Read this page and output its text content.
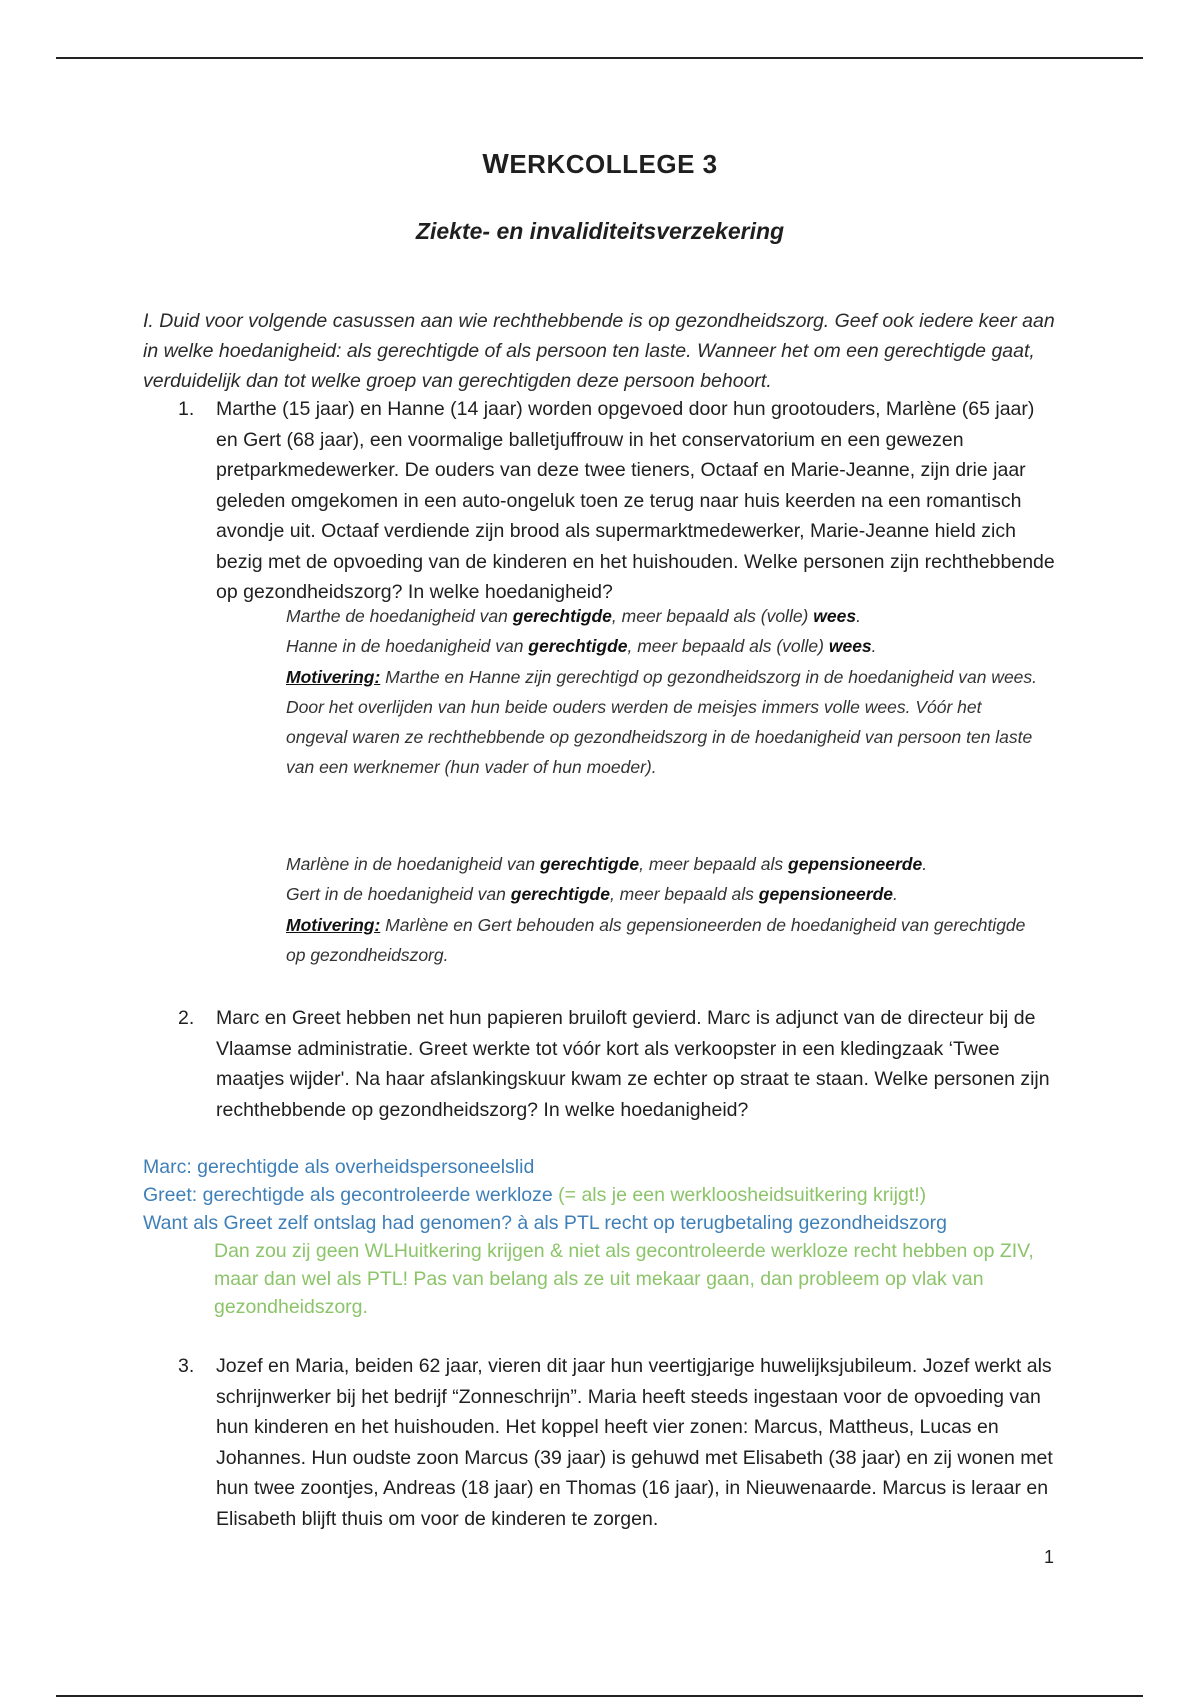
WERKCOLLEGE 3
Ziekte- en invaliditeitsverzekering
I. Duid voor volgende casussen aan wie rechthebbende is op gezondheidszorg. Geef ook iedere keer aan in welke hoedanigheid: als gerechtigde of als persoon ten laste. Wanneer het om een gerechtigde gaat, verduidelijk dan tot welke groep van gerechtigden deze persoon behoort.
1. Marthe (15 jaar) en Hanne (14 jaar) worden opgevoed door hun grootouders, Marlène (65 jaar) en Gert (68 jaar), een voormalige balletjuffrouw in het conservatorium en een gewezen pretparkmedewerker. De ouders van deze twee tieners, Octaaf en Marie-Jeanne, zijn drie jaar geleden omgekomen in een auto-ongeluk toen ze terug naar huis keerden na een romantisch avondje uit. Octaaf verdiende zijn brood als supermarktmedewerker, Marie-Jeanne hield zich bezig met de opvoeding van de kinderen en het huishouden. Welke personen zijn rechthebbende op gezondheidszorg? In welke hoedanigheid?
Marthe de hoedanigheid van gerechtigde, meer bepaald als (volle) wees.
Hanne in de hoedanigheid van gerechtigde, meer bepaald als (volle) wees.
Motivering: Marthe en Hanne zijn gerechtigd op gezondheidszorg in de hoedanigheid van wees. Door het overlijden van hun beide ouders werden de meisjes immers volle wees. Vóór het ongeval waren ze rechthebbende op gezondheidszorg in de hoedanigheid van persoon ten laste van een werknemer (hun vader of hun moeder).
Marlène in de hoedanigheid van gerechtigde, meer bepaald als gepensioneerde.
Gert in de hoedanigheid van gerechtigde, meer bepaald als gepensioneerde.
Motivering: Marlène en Gert behouden als gepensioneerden de hoedanigheid van gerechtigde op gezondheidszorg.
2. Marc en Greet hebben net hun papieren bruiloft gevierd. Marc is adjunct van de directeur bij de Vlaamse administratie. Greet werkte tot vóór kort als verkoopster in een kledingzaak ‘Twee maatjes wijder'. Na haar afslankingskuur kwam ze echter op straat te staan. Welke personen zijn rechthebbende op gezondheidszorg? In welke hoedanigheid?
Marc: gerechtigde als overheidspersoneelslid
Greet: gerechtigde als gecontroleerde werkloze (= als je een werkloosheidsuitkering krijgt!)
Want als Greet zelf ontslag had genomen? à als PTL recht op terugbetaling gezondheidszorg
Dan zou zij geen WLHuitkering krijgen & niet als gecontroleerde werkloze recht hebben op ZIV, maar dan wel als PTL! Pas van belang als ze uit mekaar gaan, dan probleem op vlak van gezondheidszorg.
3. Jozef en Maria, beiden 62 jaar, vieren dit jaar hun veertigjarige huwelijksjubileum. Jozef werkt als schrijnwerker bij het bedrijf “Zonneschrijn”. Maria heeft steeds ingestaan voor de opvoeding van hun kinderen en het huishouden. Het koppel heeft vier zonen: Marcus, Mattheus, Lucas en Johannes. Hun oudste zoon Marcus (39 jaar) is gehuwd met Elisabeth (38 jaar) en zij wonen met hun twee zoontjes, Andreas (18 jaar) en Thomas (16 jaar), in Nieuwenaarde. Marcus is leraar en Elisabeth blijft thuis om voor de kinderen te zorgen.
1
